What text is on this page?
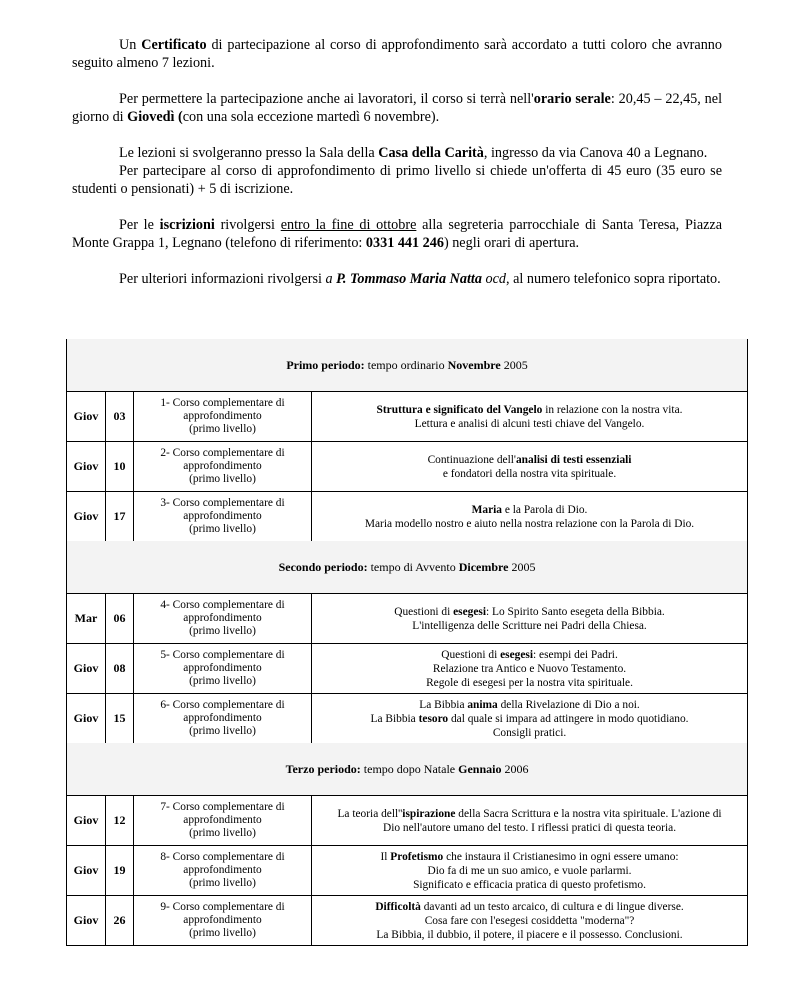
Un Certificato di partecipazione al corso di approfondimento sarà accordato a tutti coloro che avranno seguito almeno 7 lezioni.

Per permettere la partecipazione anche ai lavoratori, il corso si terrà nell'orario serale: 20,45 – 22,45, nel giorno di Giovedì (con una sola eccezione martedì 6 novembre).

Le lezioni si svolgeranno presso la Sala della Casa della Carità, ingresso da via Canova 40 a Legnano.

Per partecipare al corso di approfondimento di primo livello si chiede un'offerta di 45 euro (35 euro se studenti o pensionati) + 5 di iscrizione.

Per le iscrizioni rivolgersi entro la fine di ottobre alla segreteria parrocchiale di Santa Teresa, Piazza Monte Grappa 1, Legnano (telefono di riferimento: 0331 441 246) negli orari di apertura.

Per ulteriori informazioni rivolgersi a P. Tommaso Maria Natta ocd, al numero telefonico sopra riportato.

Primo periodo: tempo ordinario Novembre 2005			
Giov	03	1- Corso complementare di
approfondimento
(primo livello)	Struttura e significato del Vangelo in relazione con la nostra vita.
Lettura e analisi di alcuni testi chiave del Vangelo.
Giov	10	2- Corso complementare di
approfondimento
(primo livello)	Continuazione dell'analisi di testi essenziali
e fondatori della nostra vita spirituale.
Giov	17	3- Corso complementare di
approfondimento
(primo livello)	Maria e la Parola di Dio.
Maria modello nostro e aiuto nella nostra relazione con la Parola di Dio.
Secondo periodo: tempo di Avvento Dicembre 2005			
Mar	06	4- Corso complementare di
approfondimento
(primo livello)	Questioni di esegesi: Lo Spirito Santo esegeta della Bibbia.
L'intelligenza delle Scritture nei Padri della Chiesa.
Giov	08	5- Corso complementare di
approfondimento
(primo livello)	Questioni di esegesi: esempi dei Padri.
Relazione tra Antico e Nuovo Testamento.
Regole di esegesi per la nostra vita spirituale.
Giov	15	6- Corso complementare di
approfondimento
(primo livello)	La Bibbia anima della Rivelazione di Dio a noi.
La Bibbia tesoro dal quale si impara ad attingere in modo quotidiano.
Consigli pratici.
Terzo periodo: tempo dopo Natale Gennaio 2006			
Giov	12	7- Corso complementare di
approfondimento
(primo livello)	La teoria dell''ispirazione della Sacra Scrittura e la nostra vita spirituale. L'azione di
Dio nell'autore umano del testo. I riflessi pratici di questa teoria.
Giov	19	8- Corso complementare di
approfondimento
(primo livello)	Il Profetismo che instaura il Cristianesimo in ogni essere umano:
Dio fa di me un suo amico, e vuole parlarmi.
Significato e efficacia pratica di questo profetismo.
Giov	26	9- Corso complementare di
approfondimento
(primo livello)	Difficoltà davanti ad un testo arcaico, di cultura e di lingue diverse.
Cosa fare con l'esegesi cosiddetta "moderna"?
La Bibbia, il dubbio, il potere, il piacere e il possesso. Conclusioni.
